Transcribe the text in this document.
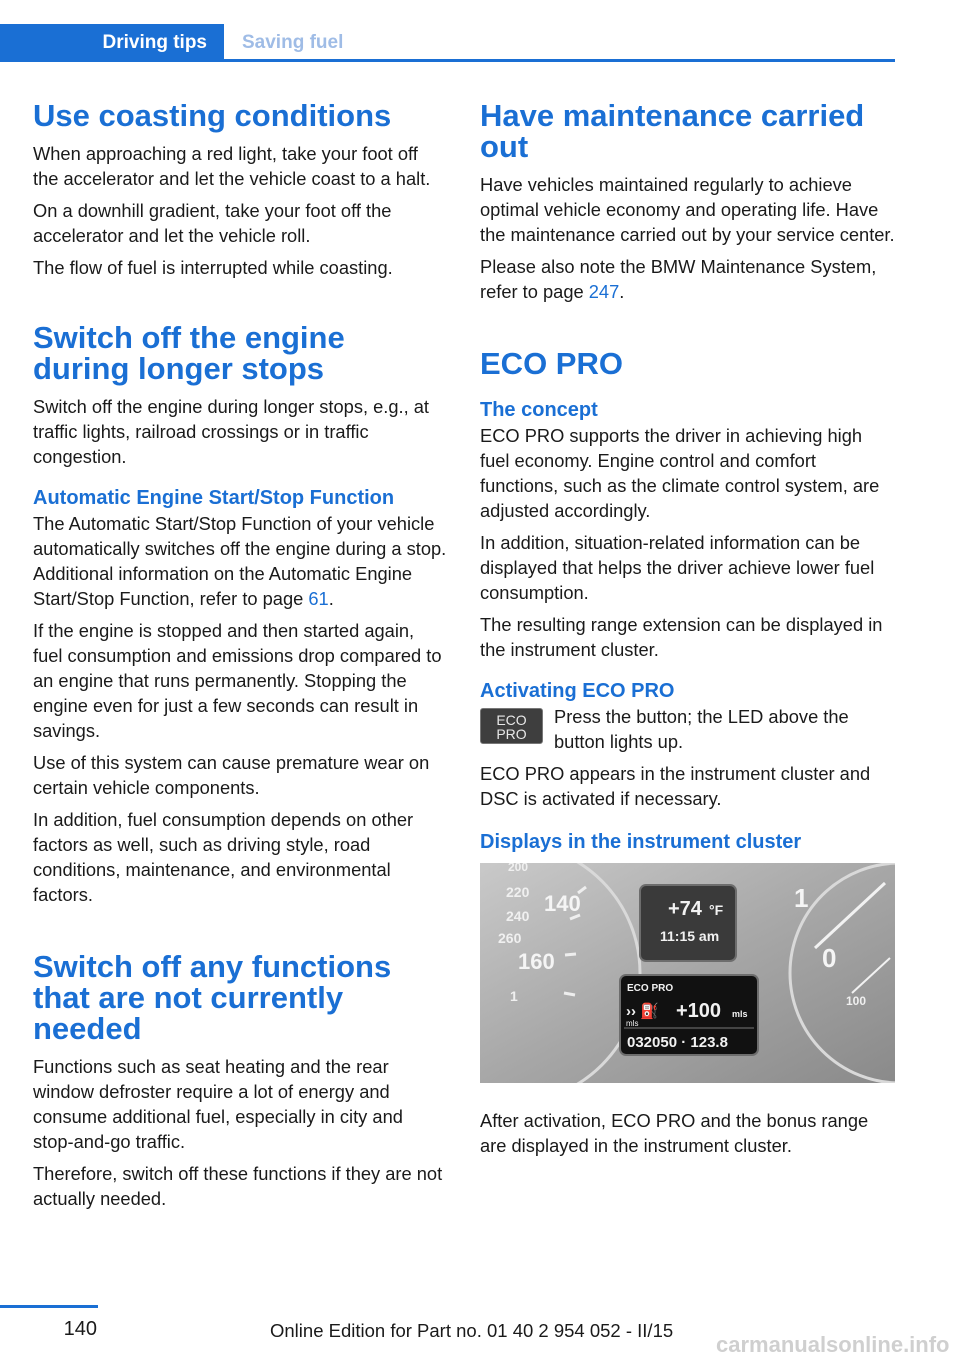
Driving tips	Saving fuel
Use coasting conditions

When approaching a red light, take your foot off the accelerator and let the vehicle coast to a halt.

On a downhill gradient, take your foot off the accelerator and let the vehicle roll.

The flow of fuel is interrupted while coasting.

Switch off the engine during longer stops

Switch off the engine during longer stops, e.g., at traffic lights, railroad crossings or in traffic congestion.

Automatic Engine Start/Stop Function

The Automatic Start/Stop Function of your vehicle automatically switches off the engine during a stop. Additional information on the Automatic Engine Start/Stop Function, refer to page 61.

If the engine is stopped and then started again, fuel consumption and emissions drop compared to an engine that runs permanently. Stopping the engine even for just a few seconds can result in savings.

Use of this system can cause premature wear on certain vehicle components.

In addition, fuel consumption depends on other factors as well, such as driving style, road conditions, maintenance, and environmental factors.

Switch off any functions that are not currently needed

Functions such as seat heating and the rear window defroster require a lot of energy and consume additional fuel, especially in city and stop-and-go traffic.

Therefore, switch off these functions if they are not actually needed.

Have maintenance carried out

Have vehicles maintained regularly to achieve optimal vehicle economy and operating life. Have the maintenance carried out by your service center.

Please also note the BMW Maintenance System, refer to page 247.

ECO PRO
The concept

ECO PRO supports the driver in achieving high fuel economy. Engine control and comfort functions, such as the climate control system, are adjusted accordingly.

In addition, situation-related information can be displayed that helps the driver achieve lower fuel consumption.

The resulting range extension can be displayed in the instrument cluster.

Activating ECO PRO
ECO
PRO

Press the button; the LED above the button lights up.

ECO PRO appears in the instrument cluster and DSC is activated if necessary.

Displays in the instrument cluster
200
220
240
260
140
160
1
1
0
100
+74 °F
11:15 am
ECO PRO
›› ⛽
mls
+100 mls
032050 · 123.8

After activation, ECO PRO and the bonus range are displayed in the instrument cluster.

140	Online Edition for Part no. 01 40 2 954 052 - II/15
carmanualsonline.info
